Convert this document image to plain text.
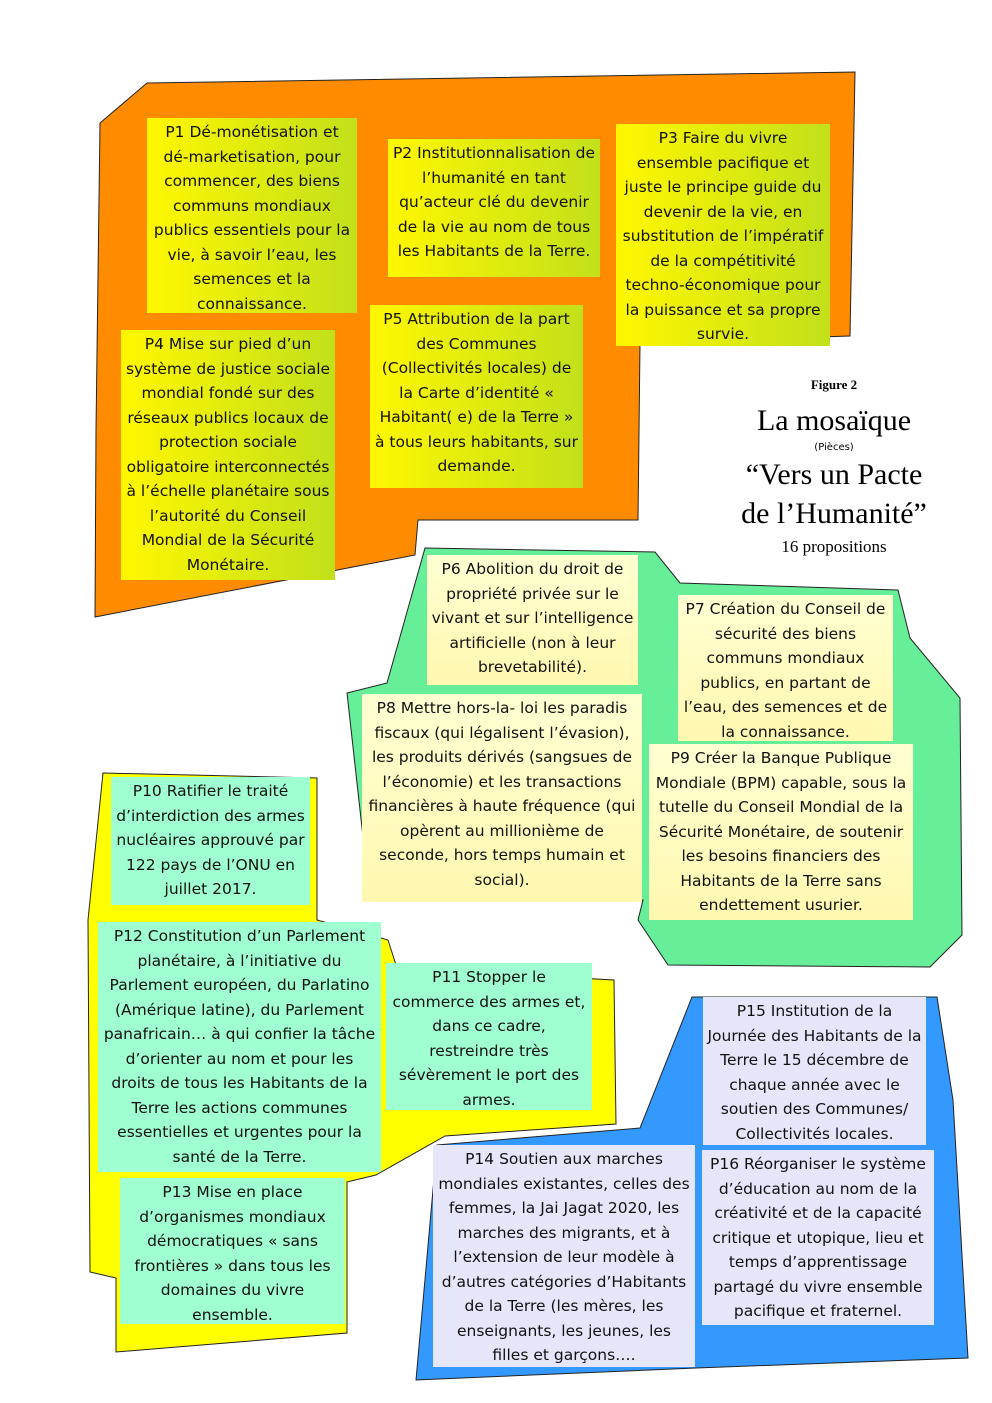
P1 Dé-monétisation et dé-marketisation, pour commencer, des biens communs mondiaux publics essentiels pour la vie, à savoir l’eau, les semences et la connaissance.
P2 Institutionnalisation de l’humanité en tant qu’acteur clé du devenir de la vie au nom de tous les Habitants de la Terre.
P3 Faire du vivre ensemble pacifique et juste le principe guide du devenir de la vie, en substitution de l’impératif de la compétitivité techno-économique pour la puissance et sa propre survie.
P4 Mise sur pied d’un système de justice sociale mondial fondé sur des réseaux publics locaux de protection sociale obligatoire interconnectés à l’échelle planétaire sous l’autorité du Conseil Mondial de la Sécurité Monétaire.
P5 Attribution de la part des Communes (Collectivités locales) de la Carte d’identité « Habitant( e) de la Terre » à tous leurs habitants, sur demande.
P6 Abolition du droit de propriété privée sur le vivant et sur l’intelligence artificielle (non à leur brevetabilité).
P7 Création du Conseil de sécurité des biens communs mondiaux publics, en partant de l’eau, des semences et de la connaissance.
P8 Mettre hors-la- loi les paradis fiscaux (qui légalisent l’évasion), les produits dérivés (sangsues de l’économie) et les transactions financières à haute fréquence (qui opèrent au millionième de seconde, hors temps humain et social).
P9 Créer la Banque Publique Mondiale (BPM) capable, sous la tutelle du Conseil Mondial de la Sécurité Monétaire, de soutenir les besoins financiers des Habitants de la Terre sans endettement usurier.
P10 Ratifier le traité d’interdiction des armes nucléaires approuvé par 122 pays de l’ONU en juillet 2017.
P12 Constitution d’un Parlement planétaire, à l’initiative du Parlement européen, du Parlatino (Amérique latine), du Parlement panafricain… à qui confier la tâche d’orienter au nom et pour les droits de tous les Habitants de la Terre les actions communes essentielles et urgentes pour la santé de la Terre.
P11 Stopper le commerce des armes et, dans ce cadre, restreindre très sévèrement le port des armes.
P13 Mise en place d’organismes mondiaux démocratiques « sans frontières » dans tous les domaines du vivre ensemble.
P15 Institution de la Journée des Habitants de la Terre le 15 décembre de chaque année avec le soutien des Communes/ Collectivités locales.
P14 Soutien aux marches mondiales existantes, celles des femmes, la Jai Jagat 2020, les marches des migrants, et à l’extension de leur modèle à d’autres catégories d’Habitants de la Terre (les mères, les enseignants, les jeunes, les filles et garçons….
P16 Réorganiser le système d’éducation au nom de la créativité et de la capacité critique et utopique, lieu et temps d’apprentissage partagé du vivre ensemble pacifique et fraternel.
Figure 2
La mosaïque
(Pièces)
“Vers un Pacte
de l’Humanité”
16 propositions
